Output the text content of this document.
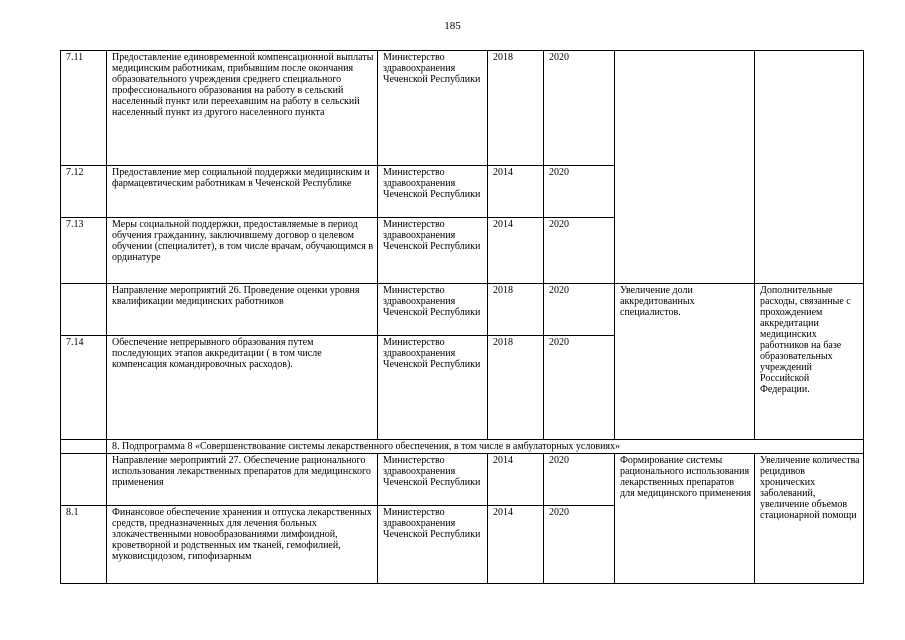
185
7.11	Предоставление единовременной компенсационной выплаты медицинским работникам, прибывшим после окончания образовательного учреждения среднего специального профессионального образования на работу в сельский населенный пункт или переехавшим на работу в сельский населенный пункт из другого населенного пункта	Министерство здравоохранения Чеченской Республики	2018	2020		
7.12	Предоставление мер социальной поддержки медицинским и фармацевтическим работникам в Чеченской Республике	Министерство здравоохранения Чеченской Республики	2014	2020		
7.13	Меры социальной поддержки, предоставляемые в период обучения гражданину, заключившему договор о целевом обучении (специалитет), в том числе врачам, обучающимся в ординатуре	Министерство здравоохранения Чеченской Республики	2014	2020		
	Направление мероприятий 26. Проведение оценки уровня квалификации медицинских работников	Министерство здравоохранения Чеченской Республики	2018	2020	Увеличение доли аккредитованных специалистов.	Дополнительные расходы, связанные с прохождением аккредитации медицинских работников на базе образовательных учреждений Российской Федерации.
7.14	Обеспечение непрерывного образования путем последующих этапов аккредитации ( в том числе компенсация командировочных расходов).	Министерство здравоохранения Чеченской Республики	2018	2020		
	8. Подпрограмма 8 «Совершенствование системы лекарственного обеспечения, в том числе в амбулаторных условиях»					
	Направление мероприятий 27. Обеспечение рационального использования лекарственных препаратов для медицинского применения	Министерство здравоохранения Чеченской Республики	2014	2020	Формирование системы рационального использования лекарственных препаратов для медицинского применения	Увеличение количества рецидивов хронических заболеваний, увеличение объемов стационарной помощи
8.1	Финансовое обеспечение хранения и отпуска лекарственных средств, предназначенных для лечения больных злокачественными новообразованиями лимфоидной, кроветворной и родственных им тканей, гемофилией, муковисцидозом, гипофизарным	Министерство здравоохранения Чеченской Республики	2014	2020		
